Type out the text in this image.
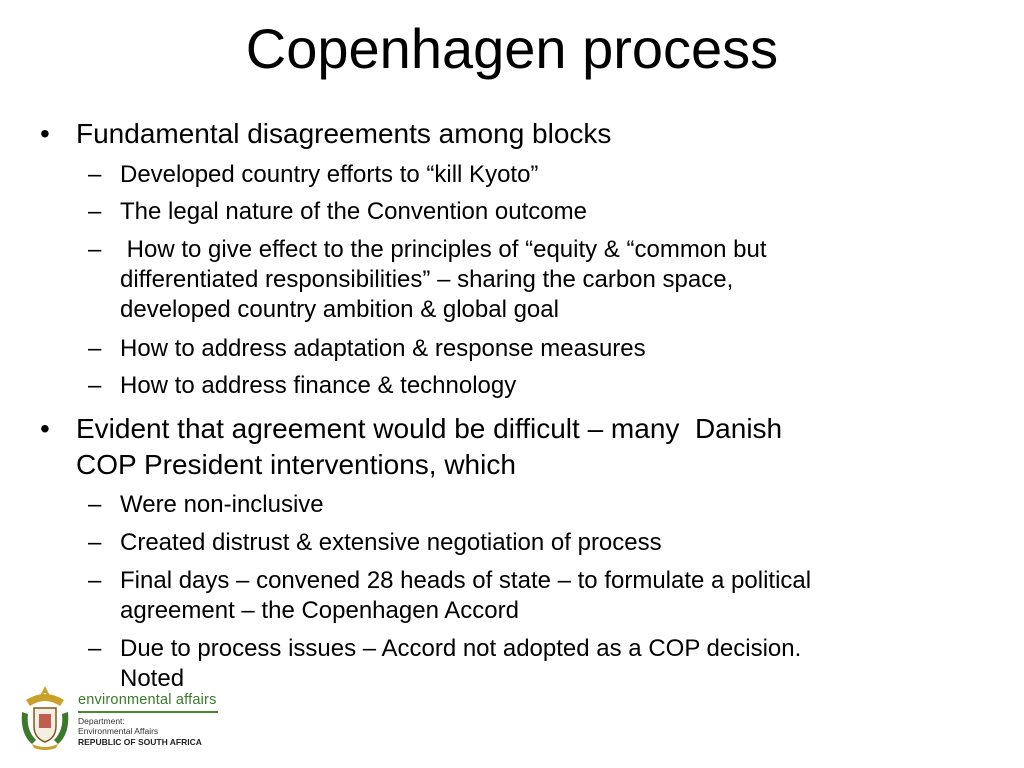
Copenhagen process
• Fundamental disagreements among blocks
– Developed country efforts to “kill Kyoto”
– The legal nature of the Convention outcome
– How to give effect to the principles of “equity & “common but
differentiated responsibilities” – sharing the carbon space,
developed country ambition & global goal
– How to address adaptation & response measures
– How to address finance & technology
• Evident that agreement would be difficult – many  Danish
COP President interventions, which
– Were non-inclusive
– Created distrust & extensive negotiation of process
– Final days – convened 28 heads of state – to formulate a political
agreement – the Copenhagen Accord
– Due to process issues – Accord not adopted as a COP decision.
Noted
environmental affairs
Department:
Environmental Affairs
REPUBLIC OF SOUTH AFRICA
